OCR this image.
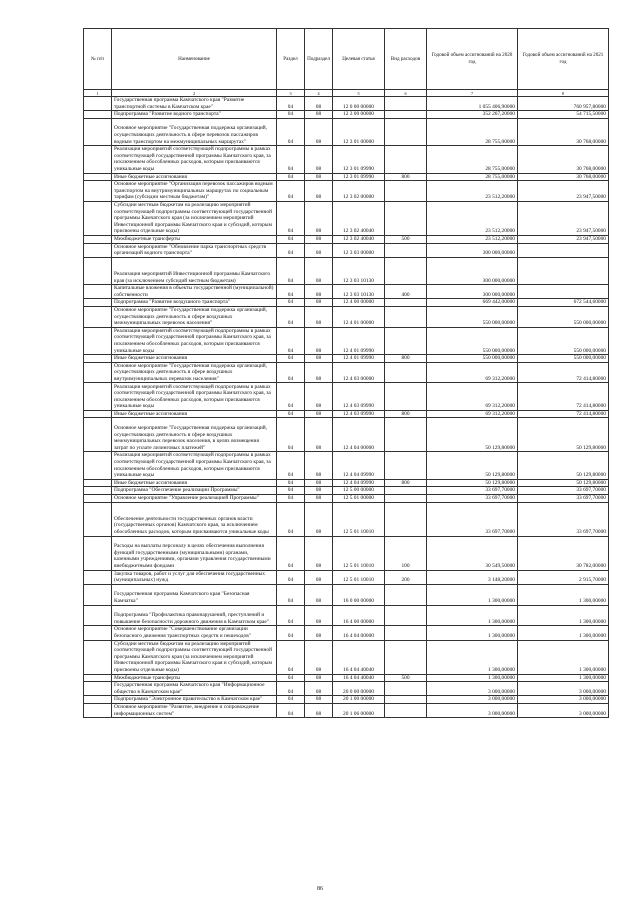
№ п/п	Наименование	Раздел	Подраздел	Целевая статья	Вид расходов	Годовой объем ассигнований на 2020 год	Годовой объем ассигнований на 2021 год
1	2	3	4	5	6	7	8
	Государственная программа Камчатского края "Развитие транспортной системы в Камчатском крае"	04	08	12 0 00 00000		1 055 406,90000	760 957,80000
	Подпрограмма "Развитие водного транспорта"	04	08	12 3 00 00000		352 267,20000	54 715,50000
	Основное мероприятие "Государственная поддержка организаций, осуществляющих деятельность в сфере перевозок пассажиров водным транспортом на межмуниципальных маршрутах"	04	08	12 3 01 00000		28 755,00000	30 768,00000
	Реализация мероприятий соответствующей подпрограммы в рамках соответствующей государственной программы Камчатского края, за исключением обособленных расходов, которым присваиваются уникальные коды	04	08	12 3 01 09990		28 755,00000	30 768,00000
	Иные бюджетные ассигнования	04	08	12 3 01 09990	800	28 755,00000	30 768,00000
	Основное мероприятие "Организация перевозок пассажиров водным транспортом на внутримуниципальных маршрутах по социальным тарифам (субсидии местным бюджетам)"	04	08	12 3 02 00000		23 512,20000	23 947,50000
	Субсидии местным бюджетам на реализацию мероприятий соответствующей подпрограммы соответствующей государственной программы Камчатского края (за исключением мероприятий Инвестиционной программы Камчатского края и субсидий, которым присвоены отдельные коды)	04	08	12 3 02 40040		23 512,20000	23 947,50000
	Межбюджетные трансферты	04	08	12 3 02 40040	500	23 512,20000	23 947,50000
	Основное мероприятие "Обновление парка транспортных средств организаций водного транспорта"	04	08	12 3 03 00000		300 000,00000	
	Реализация мероприятий Инвестиционной программы Камчатского края (за исключением субсидий местным бюджетам)	04	08	12 3 03 10130		300 000,00000	
	Капитальные вложения в объекты государственной (муниципальной) собственности	04	08	12 3 03 10130	400	300 000,00000	
	Подпрограмма "Развитие воздушного транспорта"	04	08	12 4 00 00000		669 442,00000	672 544,60000
	Основное мероприятие "Государственная поддержка организаций, осуществляющих деятельность в сфере воздушных межмуниципальных перевозок населения"	04	08	12 4 01 00000		550 000,00000	550 000,00000
	Реализация мероприятий соответствующей подпрограммы в рамках соответствующей государственной программы Камчатского края, за исключением обособленных расходов, которым присваиваются уникальные коды	04	08	12 4 01 09990		550 000,00000	550 000,00000
	Иные бюджетные ассигнования	04	08	12 4 01 09990	800	550 000,00000	550 000,00000
	Основное мероприятие "Государственная поддержка организаций, осуществляющих деятельность в сфере воздушных внутримуниципальных перевозок населения"	04	08	12 4 03 00000		69 312,20000	72 414,80000
	Реализация мероприятий соответствующей подпрограммы в рамках соответствующей государственной программы Камчатского края, за исключением обособленных расходов, которым присваиваются уникальные коды	04	08	12 4 03 09990		69 312,20000	72 414,80000
	Иные бюджетные ассигнования	04	08	12 4 03 09990	800	69 312,20000	72 414,80000
	Основное мероприятие "Государственная поддержка организаций, осуществляющих деятельность в сфере воздушных межмуниципальных перевозок населения, в целях возмещения затрат по уплате лизинговых платежей"	04	08	12 4 04 00000		50 129,80000	50 129,80000
	Реализация мероприятий соответствующей подпрограммы в рамках соответствующей государственной программы Камчатского края, за исключением обособленных расходов, которым присваиваются уникальные коды	04	08	12 4 04 09990		50 129,80000	50 129,80000
	Иные бюджетные ассигнования	04	08	12 4 04 09990	800	50 129,80000	50 129,80000
	Подпрограмма "Обеспечение реализации Программы"	04	08	12 5 00 00000		33 697,70000	33 697,70000
	Основное мероприятие "Управление реализацией Программы"	04	08	12 5 01 00000		33 697,70000	33 697,70000
	Обеспечение деятельности государственных органов власти (государственных органов) Камчатского края, за исключением обособленных расходов, которым присваиваются уникальные коды	04	08	12 5 01 10010		33 697,70000	33 697,70000
	Расходы на выплаты персоналу в целях обеспечения выполнения функций государственными (муниципальными) органами, казенными учреждениями, органами управления государственными внебюджетными фондами	04	08	12 5 01 10010	100	30 549,50000	30 782,00000
	Закупка товаров, работ и услуг для обеспечения государственных (муниципальных) нужд	04	08	12 5 01 10010	200	3 148,20000	2 915,70000
	Государственная программа Камчатского края "Безопасная Камчатка"	04	08	16 0 00 00000		1 300,00000	1 300,00000
	Подпрограмма "Профилактика правонарушений, преступлений и повышение безопасности дорожного движения в Камчатском крае"	04	08	16 4 00 00000		1 300,00000	1 300,00000
	Основное мероприятие "Совершенствование организации безопасного движения транспортных средств и пешеходов"	04	08	16 4 04 00000		1 300,00000	1 300,00000
	Субсидии местным бюджетам на реализацию мероприятий соответствующей подпрограммы соответствующей государственной программы Камчатского края (за исключением мероприятий Инвестиционной программы Камчатского края и субсидий, которым присвоены отдельные коды)	04	08	16 4 04 40040		1 300,00000	1 300,00000
	Межбюджетные трансферты	04	08	16 4 04 40040	500	1 300,00000	1 300,00000
	Государственная программа Камчатского края "Информационное общество в Камчатском крае"	04	08	20 0 00 00000		3 000,00000	3 000,00000
	Подпрограмма "Электронное правительство в Камчатском крае"	04	08	20 1 00 00000		3 000,00000	3 000,00000
	Основное мероприятие "Развитие, внедрение и сопровождение информационных систем"	04	08	20 1 06 00000		3 000,00000	3 000,00000
86
